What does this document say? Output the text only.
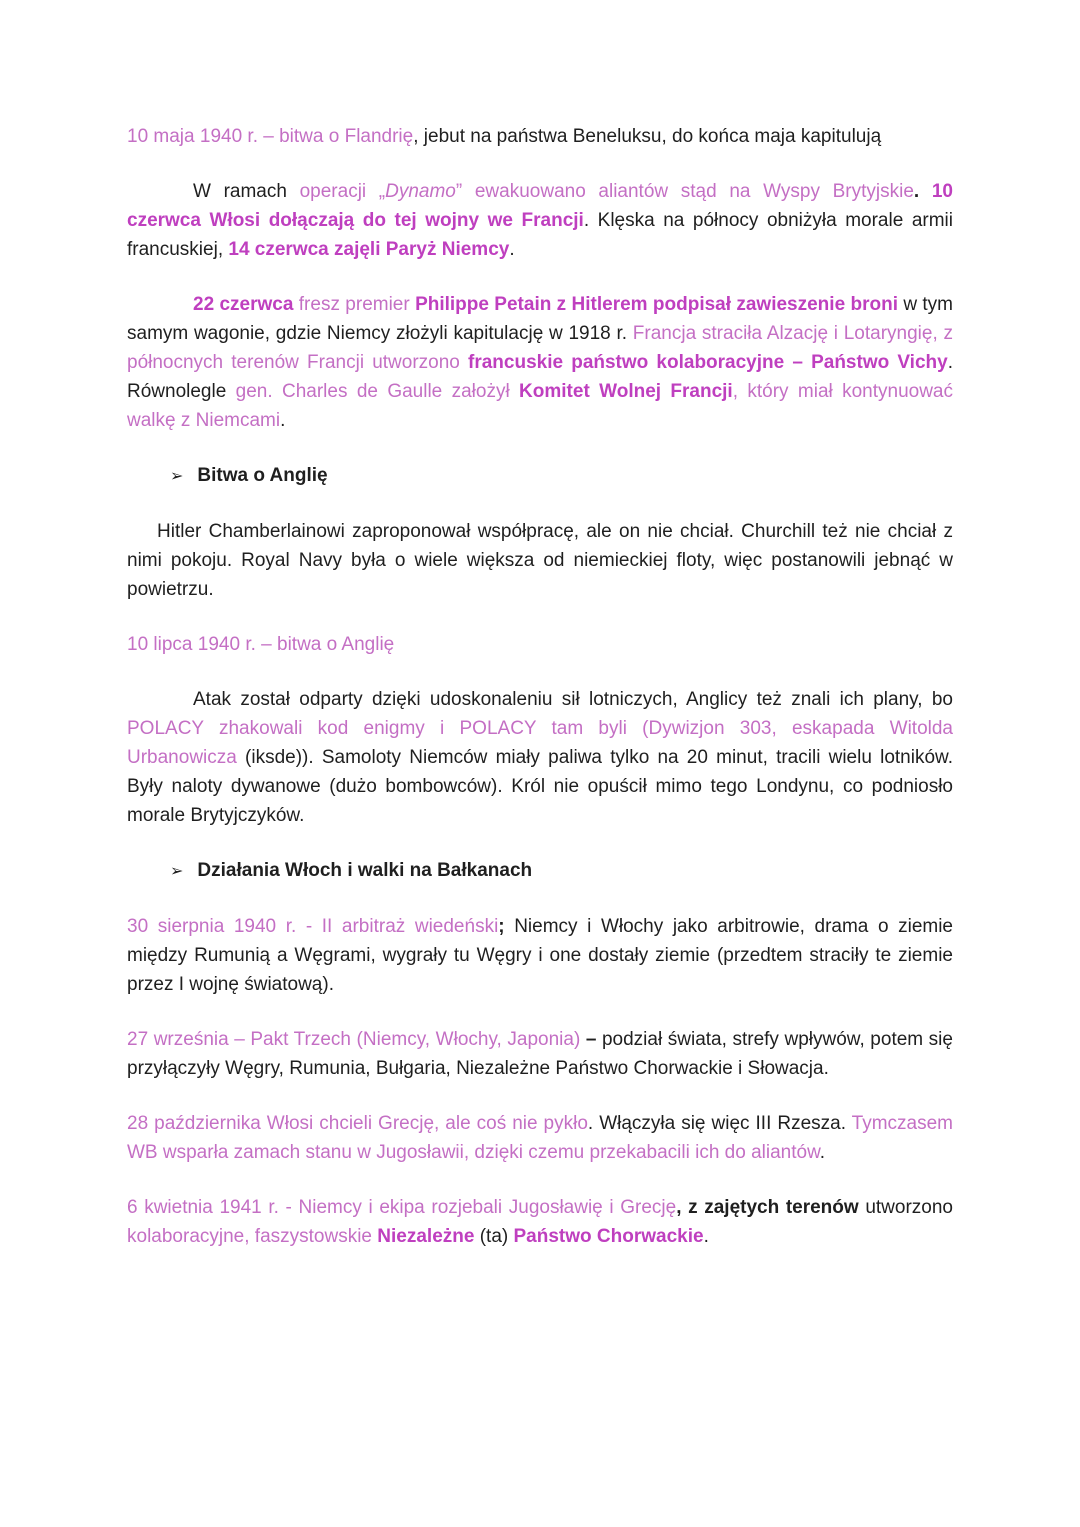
10 maja 1940 r. – bitwa o Flandrię, jebut na państwa Beneluksu, do końca maja kapitulują

W ramach operacji „Dynamo” ewakuowano aliantów stąd na Wyspy Brytyjskie. 10 czerwca Włosi dołączają do tej wojny we Francji. Klęska na północy obniżyła morale armii francuskiej, 14 czerwca zajęli Paryż Niemcy.

22 czerwca fresz premier Philippe Petain z Hitlerem podpisał zawieszenie broni w tym samym wagonie, gdzie Niemcy złożyli kapitulację w 1918 r. Francja straciła Alzację i Lotaryngię, z północnych terenów Francji utworzono francuskie państwo kolaboracyjne – Państwo Vichy. Równolegle gen. Charles de Gaulle założył Komitet Wolnej Francji, który miał kontynuować walkę z Niemcami.

➢ Bitwa o Anglię

Hitler Chamberlainowi zaproponował współpracę, ale on nie chciał. Churchill też nie chciał z nimi pokoju. Royal Navy była o wiele większa od niemieckiej floty, więc postanowili jebnąć w powietrzu.

10 lipca 1940 r. – bitwa o Anglię

Atak został odparty dzięki udoskonaleniu sił lotniczych, Anglicy też znali ich plany, bo POLACY zhakowali kod enigmy i POLACY tam byli (Dywizjon 303, eskapada Witolda Urbanowicza (iksde)). Samoloty Niemców miały paliwa tylko na 20 minut, tracili wielu lotników. Były naloty dywanowe (dużo bombowców). Król nie opuścił mimo tego Londynu, co podniosło morale Brytyjczyków.

➢ Działania Włoch i walki na Bałkanach

30 sierpnia 1940 r. - II arbitraż wiedeński; Niemcy i Włochy jako arbitrowie, drama o ziemie między Rumunią a Węgrami, wygrały tu Węgry i one dostały ziemie (przedtem straciły te ziemie przez I wojnę światową).

27 września – Pakt Trzech (Niemcy, Włochy, Japonia) – podział świata, strefy wpływów, potem się przyłączyły Węgry, Rumunia, Bułgaria, Niezależne Państwo Chorwackie i Słowacja.

28 października Włosi chcieli Grecję, ale coś nie pykło. Włączyła się więc III Rzesza. Tymczasem WB wsparła zamach stanu w Jugosławii, dzięki czemu przekabacili ich do aliantów.

6 kwietnia 1941 r. - Niemcy i ekipa rozjebali Jugosławię i Grecję, z zajętych terenów utworzono kolaboracyjne, faszystowskie Niezależne (ta) Państwo Chorwackie.
